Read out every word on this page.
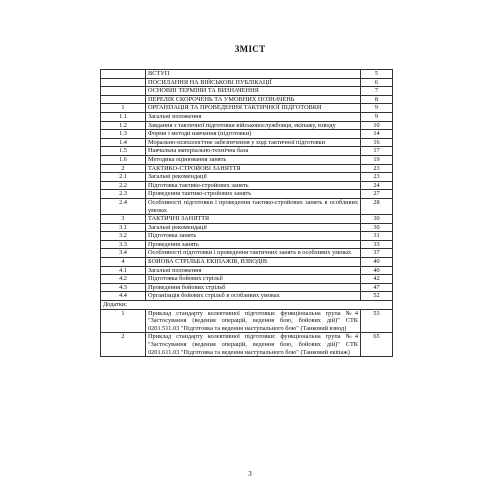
ЗМІСТ
	ВСТУП	5
	ПОСИЛАННЯ НА ВІЙСЬКОВІ ПУБЛІКАЦІЇ	6
	ОСНОВНІ ТЕРМІНИ ТА ВИЗНАЧЕННЯ	7
	ПЕРЕЛІК СКОРОЧЕНЬ ТА УМОВНИХ ПОЗНАЧЕНЬ	8
1	ОРГАНІЗАЦІЯ ТА ПРОВЕДЕННЯ ТАКТИЧНОЇ ПІДГОТОВКИ	9
1.1	Загальні положення	9
1.2	Завдання з тактичної підготовки військовослужбовця, екіпажу, взводу	10
1.3	Форми і методи навчання (підготовки)	14
1.4	Морально-психологічне забезпечення у ході тактичної підготовки	16
1.5	Навчальна матеріально-технічна база	17
1.6	Методика оцінювання занять	19
2	ТАКТИКО-СТРОЙОВІ ЗАНЯТТЯ	23
2.1	Загальні рекомендації	23
2.2	Підготовка тактико-стройових занять	24
2.3	Проведення тактико-стройових занять	27
2.4	Особливості підготовки і проведення тактико-стройових занять в особливих умовах	28
3	ТАКТИЧНІ ЗАНЯТТЯ	30
3.1	Загальні рекомендації	30
3.2	Підготовка занять	31
3.3	Проведення занять	33
3.4	Особливості підготовки і проведення тактичних занять в особливих умовах	37
4	БОЙОВА СТРІЛЬБА ЕКІПАЖІВ, ВЗВОДІВ	40
4.1	Загальні положення	40
4.2	Підготовка бойових стрільб	42
4.3	Проведення бойових стрільб	47
4.4	Організація бойових стрільб в особливих умовах	52
Додатки:		
1	Приклад стандарту колективної підготовки: функціональна група №4 "Застосування (ведення операцій, ведення бою, бойових дій)" СТК 0201.511.03 "Підготовка та ведення наступального бою" (Танковий взвод)	53
2	Приклад стандарту колективної підготовки: функціональна група №4 "Застосування (ведення операцій, ведення бою, бойових дій)" СТК 0201.611.03 "Підготовка та ведення наступального бою" (Танковий екіпаж)	65
3
